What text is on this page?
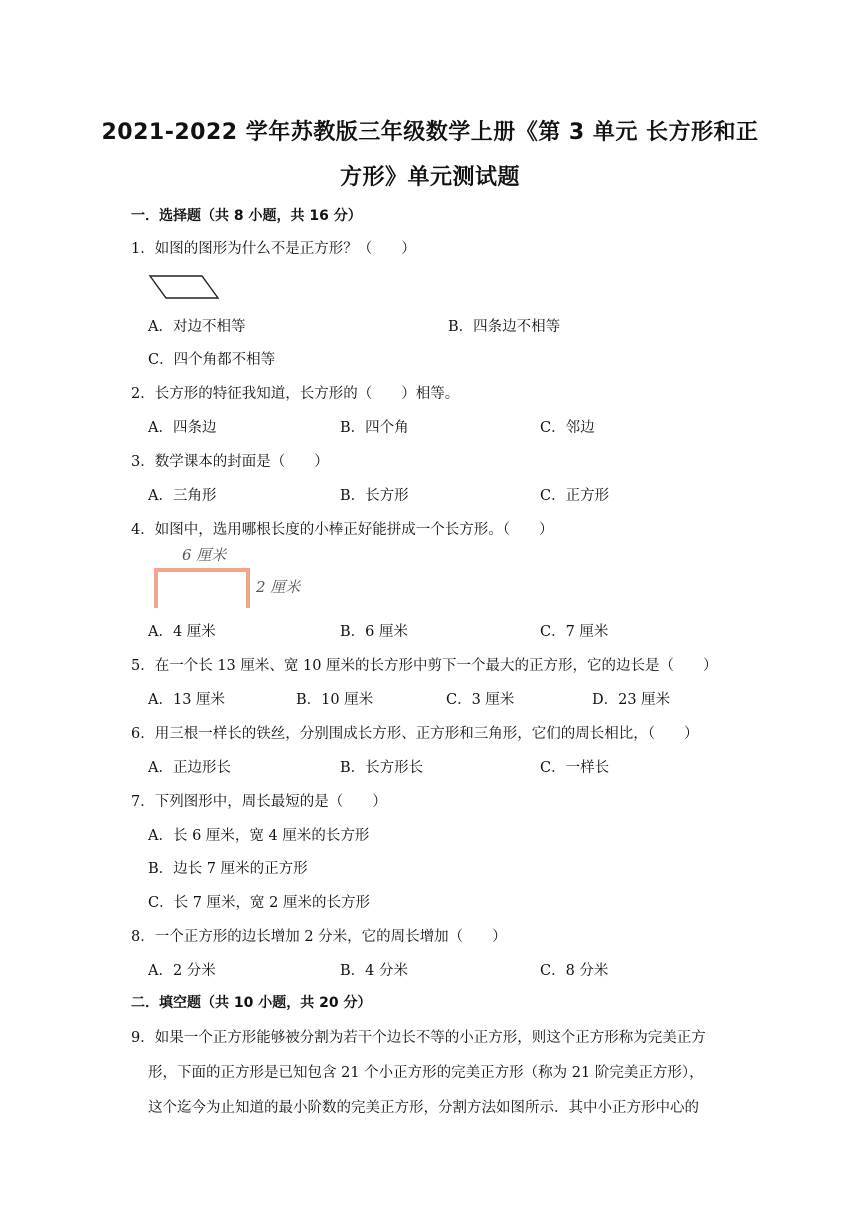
2021-2022 学年苏教版三年级数学上册《第 3 单元 长方形和正
方形》单元测试题
一．选择题（共 8 小题，共 16 分）
1．如图的图形为什么不是正方形？（　　）
A．对边不相等	B．四条边不相等
C．四个角都不相等
2．长方形的特征我知道，长方形的（　　）相等。
A．四条边	B．四个角	C．邻边
3．数学课本的封面是（　　）
A．三角形	B．长方形	C．正方形
4．如图中，选用哪根长度的小棒正好能拼成一个长方形。（　　）
6 厘米
2 厘米
A．4 厘米	B．6 厘米	C．7 厘米
5．在一个长 13 厘米、宽 10 厘米的长方形中剪下一个最大的正方形，它的边长是（　　）
A．13 厘米	B．10 厘米	C．3 厘米	D．23 厘米
6．用三根一样长的铁丝，分别围成长方形、正方形和三角形，它们的周长相比，（　　）
A．正边形长	B．长方形长	C．一样长
7．下列图形中，周长最短的是（　　）
A．长 6 厘米，宽 4 厘米的长方形
B．边长 7 厘米的正方形
C．长 7 厘米，宽 2 厘米的长方形
8．一个正方形的边长增加 2 分米，它的周长增加（　　）
A．2 分米	B．4 分米	C．8 分米
二．填空题（共 10 小题，共 20 分）
9．如果一个正方形能够被分割为若干个边长不等的小正方形，则这个正方形称为完美正方
形，下面的正方形是已知包含 21 个小正方形的完美正方形（称为 21 阶完美正方形），
这个迄今为止知道的最小阶数的完美正方形，分割方法如图所示．其中小正方形中心的
